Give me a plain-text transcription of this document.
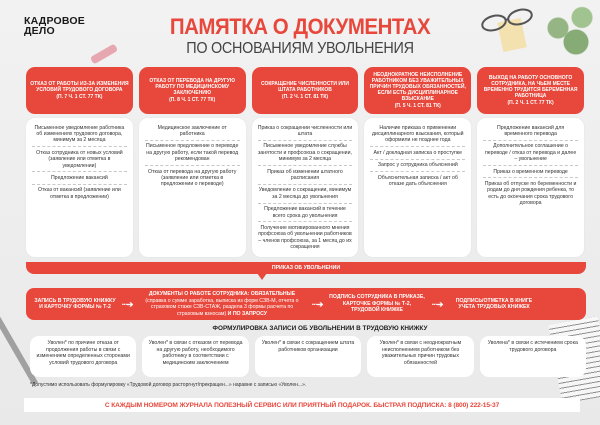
КАДРОВОЕ
ДЕЛО	ПАМЯТКА О ДОКУМЕНТАХ
ПО ОСНОВАНИЯМ УВОЛЬНЕНИЯ
ОТКАЗ ОТ РАБОТЫ ИЗ-ЗА ИЗМЕНЕНИЯ УСЛОВИЙ ТРУДОВОГО ДОГОВОРА
(П. 7 Ч. 1 СТ. 77 ТК)
Письменное уведомление работника об изменениях трудового договора, минимум за 2 месяца
Отказ сотрудника от новых условий (заявление или отметка в уведомлении)
Предложение вакансий
Отказ от вакансий (заявление или отметка в предложении)
ОТКАЗ ОТ ПЕРЕВОДА НА ДРУГУЮ РАБОТУ ПО МЕДИЦИНСКОМУ ЗАКЛЮЧЕНИЮ
(П. 8 Ч. 1 СТ. 77 ТК)
Медицинское заключение от работника
Письменное предложение о переводе на другую работу, если такой перевод рекомендован
Отказ от перевода на другую работу (заявление или отметка в предложении о переводе)
СОКРАЩЕНИЕ ЧИСЛЕННОСТИ ИЛИ ШТАТА РАБОТНИКОВ
(П. 2 Ч. 1 СТ. 81 ТК)
Приказ о сокращении численности или штата
Письменное уведомление службы занятости и профсоюза о сокращении, минимум за 2 месяца
Приказ об изменении штатного расписания
Уведомление о сокращении, минимум за 2 месяца до увольнения
Предложение вакансий в течение всего срока до увольнения
Получение мотивированного мнения профсоюза об увольнении работников – членов профсоюза, за 1 месяц до их сокращения
НЕОДНОКРАТНОЕ НЕИСПОЛНЕНИЕ РАБОТНИКОМ БЕЗ УВАЖИТЕЛЬНЫХ ПРИЧИН ТРУДОВЫХ ОБЯЗАННОСТЕЙ, ЕСЛИ ЕСТЬ ДИСЦИПЛИНАРНОЕ ВЗЫСКАНИЕ
(П. 5 Ч. 1 СТ. 81 ТК)
Наличие приказа о применении дисциплинарного взыскания, который оформили не позднее года
Акт / докладная записка о проступке
Запрос у сотрудника объяснений
Объяснительная записка / акт об отказе дать объяснения
ВЫХОД НА РАБОТУ ОСНОВНОГО СОТРУДНИКА, НА ЧЬЕМ МЕСТЕ ВРЕМЕННО ТРУДИТСЯ БЕРЕМЕННАЯ РАБОТНИЦА
(П. 2 Ч. 1 СТ. 77 ТК)
Предложение вакансий для временного перевода
Дополнительное соглашение о переводе / отказ от перевода и далее – увольнение
Приказ о временном переводе
Приказ об отпуске по беременности и родам до дня рождения ребенка, то есть до окончания срока трудового договора
ПРИКАЗ ОБ УВОЛЬНЕНИИ
ЗАПИСЬ В ТРУДОВУЮ КНИЖКУ И КАРТОЧКУ ФОРМЫ № Т-2	···➔
ДОКУМЕНТЫ О РАБОТЕ СОТРУДНИКА: ОБЯЗАТЕЛЬНЫЕ (справка о сумме заработка, выписка из форм СЗВ-М, отчета о страховом стаже СЗВ-СТАЖ, раздела 3 формы расчета по страховым взносам) И ПО ЗАПРОСУ
···➔
ПОДПИСЬ СОТРУДНИКА В ПРИКАЗЕ, КАРТОЧКЕ ФОРМЫ № Т-2, ТРУДОВОЙ КНИЖКЕ
···➔	ПОДПИСЬ/ОТМЕТКА В КНИГЕ УЧЕТА ТРУДОВЫХ КНИЖЕК
ФОРМУЛИРОВКА ЗАПИСИ ОБ УВОЛЬНЕНИИ В ТРУДОВУЮ КНИЖКУ
Уволен* по причине отказа от продолжения работы в связи с изменением определенных сторонами условий трудового договора
Уволен* в связи с отказом от перевода на другую работу, необходимого работнику в соответствии с медицинским заключением
Уволен* в связи с сокращением штата работников организации
Уволен* в связи с неоднократным неисполнением работником без уважительных причин трудовых обязанностей
Уволена* в связи с истечением срока трудового договора
*Допустимо использовать формулировку «Трудовой договор расторгнут/прекращен...» наравне с записью «Уволен...».
С КАЖДЫМ НОМЕРОМ ЖУРНАЛА ПОЛЕЗНЫЙ СЕРВИС ИЛИ ПРИЯТНЫЙ ПОДАРОК. БЫСТРАЯ ПОДПИСКА: 8 (800) 222-15-37
